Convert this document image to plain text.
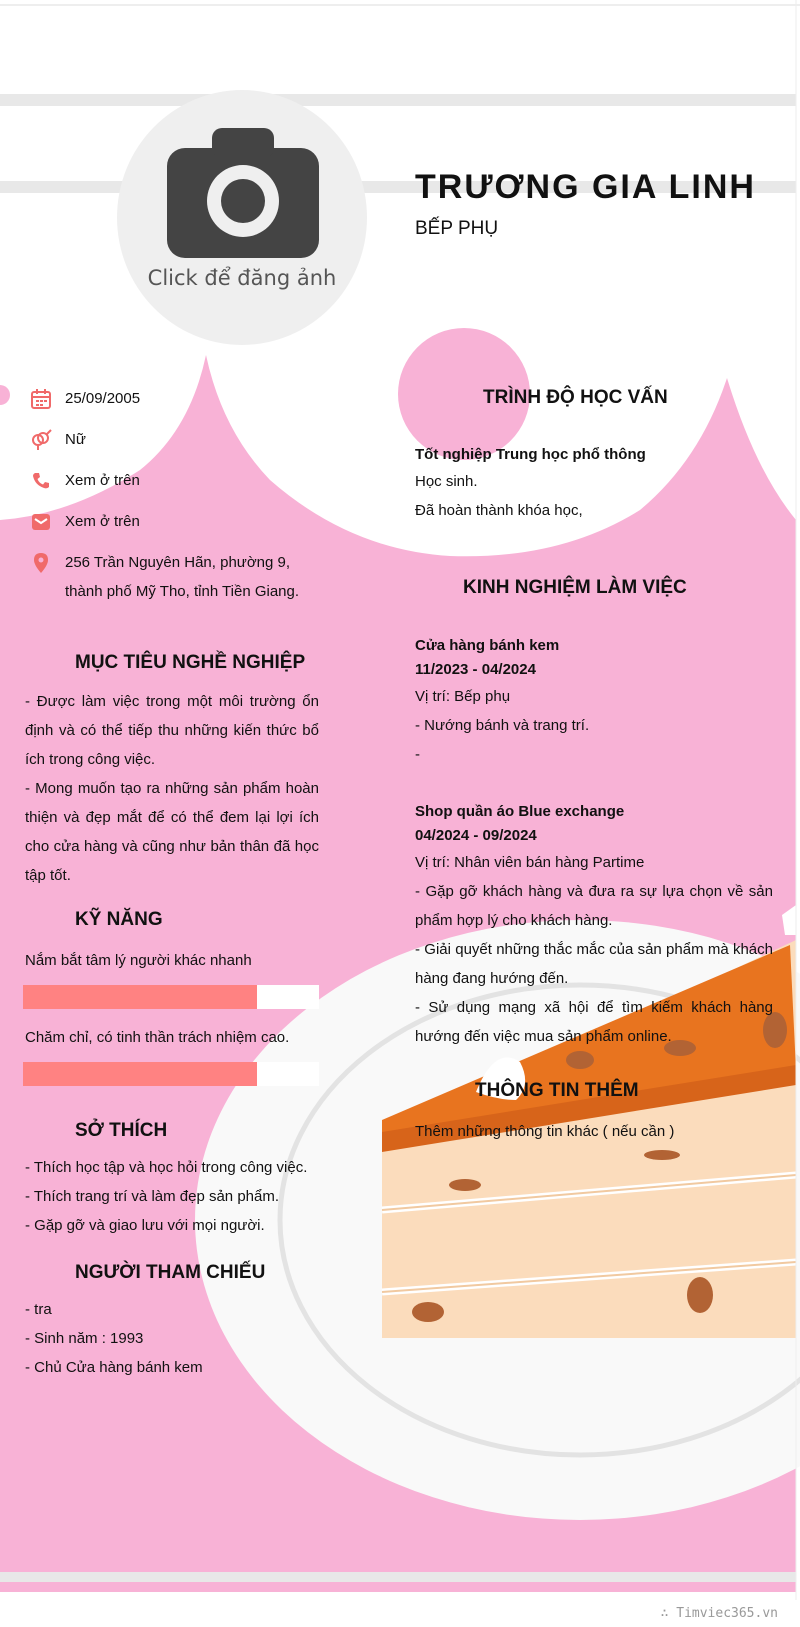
Click để đăng ảnh
TRƯƠNG GIA LINH
BẾP PHỤ
25/09/2005
Nữ
Xem ở trên
Xem ở trên
256 Trần Nguyên Hãn, phường 9,
thành phố Mỹ Tho, tỉnh Tiền Giang.
MỤC TIÊU NGHỀ NGHIỆP

- Được làm việc trong một môi trường ổn định và có thể tiếp thu những kiến thức bổ ích trong công việc.

- Mong muốn tạo ra những sản phẩm hoàn thiện và đẹp mắt để có thể đem lại lợi ích cho cửa hàng và cũng như bản thân đã học tập tốt.

KỸ NĂNG
Nắm bắt tâm lý người khác nhanh
Chăm chỉ, có tinh thần trách nhiệm cao.
SỞ THÍCH

- Thích học tập và học hỏi trong công việc.

- Thích trang trí và làm đẹp sản phẩm.

- Gặp gỡ và giao lưu với mọi người.

NGƯỜI THAM CHIẾU

- tra

- Sinh năm : 1993

- Chủ Cửa hàng bánh kem

TRÌNH ĐỘ HỌC VẤN
Tốt nghiệp Trung học phổ thông

Học sinh.

Đã hoàn thành khóa học,

KINH NGHIỆM LÀM VIỆC
Cửa hàng bánh kem
11/2023 - 04/2024

Vị trí: Bếp phụ

- Nướng bánh và trang trí.

-

Shop quần áo Blue exchange
04/2024 - 09/2024

Vị trí: Nhân viên bán hàng Partime

- Gặp gỡ khách hàng và đưa ra sự lựa chọn về sản phẩm hợp lý cho khách hàng.

- Giải quyết những thắc mắc của sản phẩm mà khách hàng đang hướng đến.

- Sử dụng mạng xã hội để tìm kiếm khách hàng hướng đến việc mua sản phẩm online.

THÔNG TIN THÊM
Thêm những thông tin khác ( nếu cần )
∴ Timviec365.vn
